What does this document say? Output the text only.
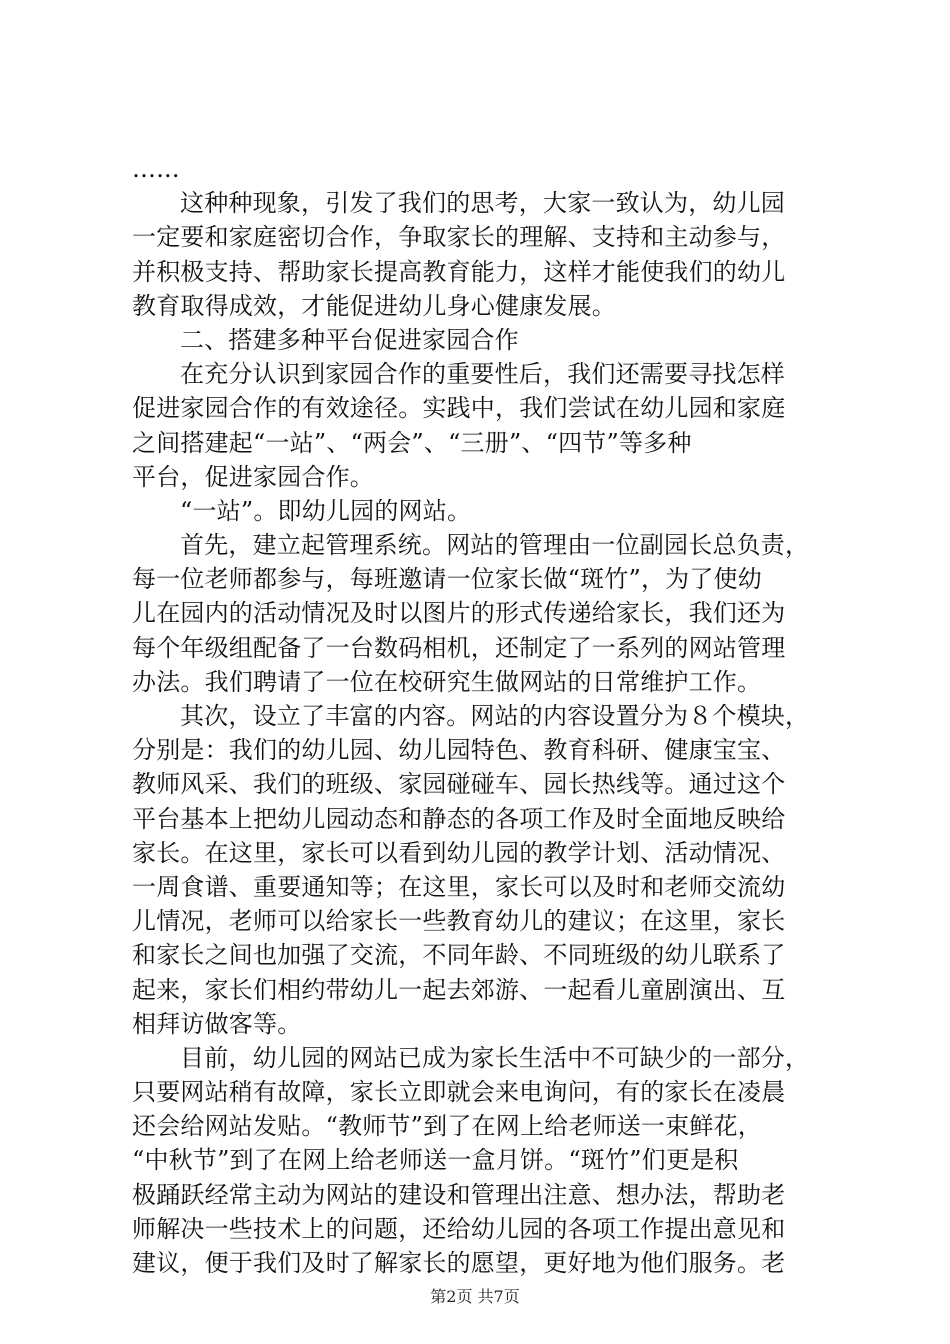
…...
这种种现象，引发了我们的思考，大家一致认为，幼儿园
一定要和家庭密切合作，争取家长的理解、支持和主动参与，
并积极支持、帮助家长提高教育能力，这样才能使我们的幼儿
教育取得成效，才能促进幼儿身心健康发展。
二、搭建多种平台促进家园合作
在充分认识到家园合作的重要性后，我们还需要寻找怎样
促进家园合作的有效途径。实践中，我们尝试在幼儿园和家庭
之间搭建起“一站”、“两会”、“三册”、“四节”等多种
平台，促进家园合作。
“一站”。即幼儿园的网站。
首先，建立起管理系统。网站的管理由一位副园长总负责，
每一位老师都参与，每班邀请一位家长做“斑竹”，为了使幼
儿在园内的活动情况及时以图片的形式传递给家长，我们还为
每个年级组配备了一台数码相机，还制定了一系列的网站管理
办法。我们聘请了一位在校研究生做网站的日常维护工作。
其次，设立了丰富的内容。网站的内容设置分为８个模块，
分别是：我们的幼儿园、幼儿园特色、教育科研、健康宝宝、
教师风采、我们的班级、家园碰碰车、园长热线等。通过这个
平台基本上把幼儿园动态和静态的各项工作及时全面地反映给
家长。在这里，家长可以看到幼儿园的教学计划、活动情况、
一周食谱、重要通知等；在这里，家长可以及时和老师交流幼
儿情况，老师可以给家长一些教育幼儿的建议；在这里，家长
和家长之间也加强了交流，不同年龄、不同班级的幼儿联系了
起来，家长们相约带幼儿一起去郊游、一起看儿童剧演出、互
相拜访做客等。
目前，幼儿园的网站已成为家长生活中不可缺少的一部分，
只要网站稍有故障，家长立即就会来电询问，有的家长在凌晨
还会给网站发贴。“教师节”到了在网上给老师送一束鲜花，
“中秋节”到了在网上给老师送一盒月饼。“斑竹”们更是积
极踊跃经常主动为网站的建设和管理出注意、想办法，帮助老
师解决一些技术上的问题，还给幼儿园的各项工作提出意见和
建议，便于我们及时了解家长的愿望，更好地为他们服务。老
第2页 共7页
